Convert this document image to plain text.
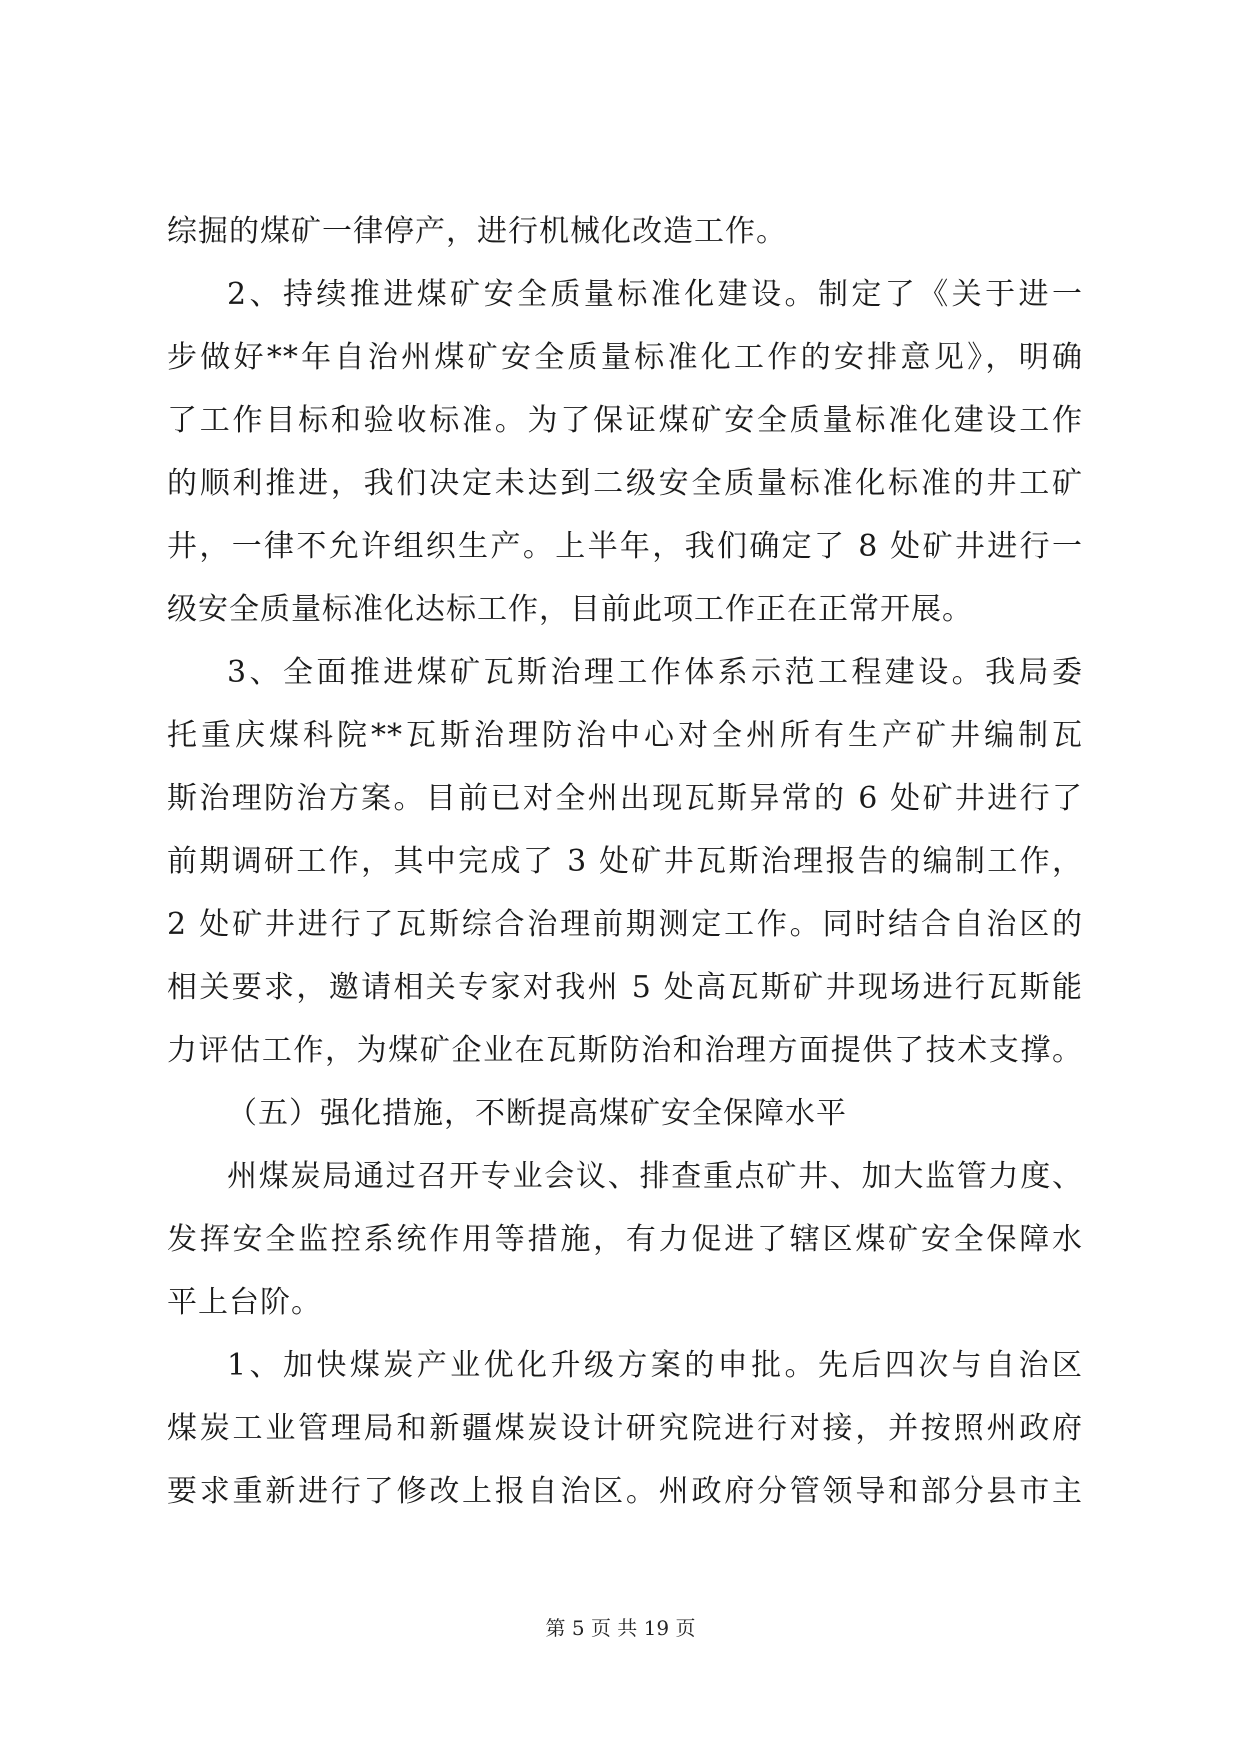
综掘的煤矿一律停产，进行机械化改造工作。
2、持续推进煤矿安全质量标准化建设。制定了《关于进一
步做好**年自治州煤矿安全质量标准化工作的安排意见》，明确
了工作目标和验收标准。为了保证煤矿安全质量标准化建设工作
的顺利推进，我们决定未达到二级安全质量标准化标准的井工矿
井，一律不允许组织生产。上半年，我们确定了 8 处矿井进行一
级安全质量标准化达标工作，目前此项工作正在正常开展。
3、全面推进煤矿瓦斯治理工作体系示范工程建设。我局委
托重庆煤科院**瓦斯治理防治中心对全州所有生产矿井编制瓦
斯治理防治方案。目前已对全州出现瓦斯异常的 6 处矿井进行了
前期调研工作，其中完成了 3 处矿井瓦斯治理报告的编制工作，
2 处矿井进行了瓦斯综合治理前期测定工作。同时结合自治区的
相关要求，邀请相关专家对我州 5 处高瓦斯矿井现场进行瓦斯能
力评估工作，为煤矿企业在瓦斯防治和治理方面提供了技术支撑。
（五）强化措施，不断提高煤矿安全保障水平
州煤炭局通过召开专业会议、排查重点矿井、加大监管力度、
发挥安全监控系统作用等措施，有力促进了辖区煤矿安全保障水
平上台阶。
1、加快煤炭产业优化升级方案的申批。先后四次与自治区
煤炭工业管理局和新疆煤炭设计研究院进行对接，并按照州政府
要求重新进行了修改上报自治区。州政府分管领导和部分县市主
第 5 页 共 19 页
